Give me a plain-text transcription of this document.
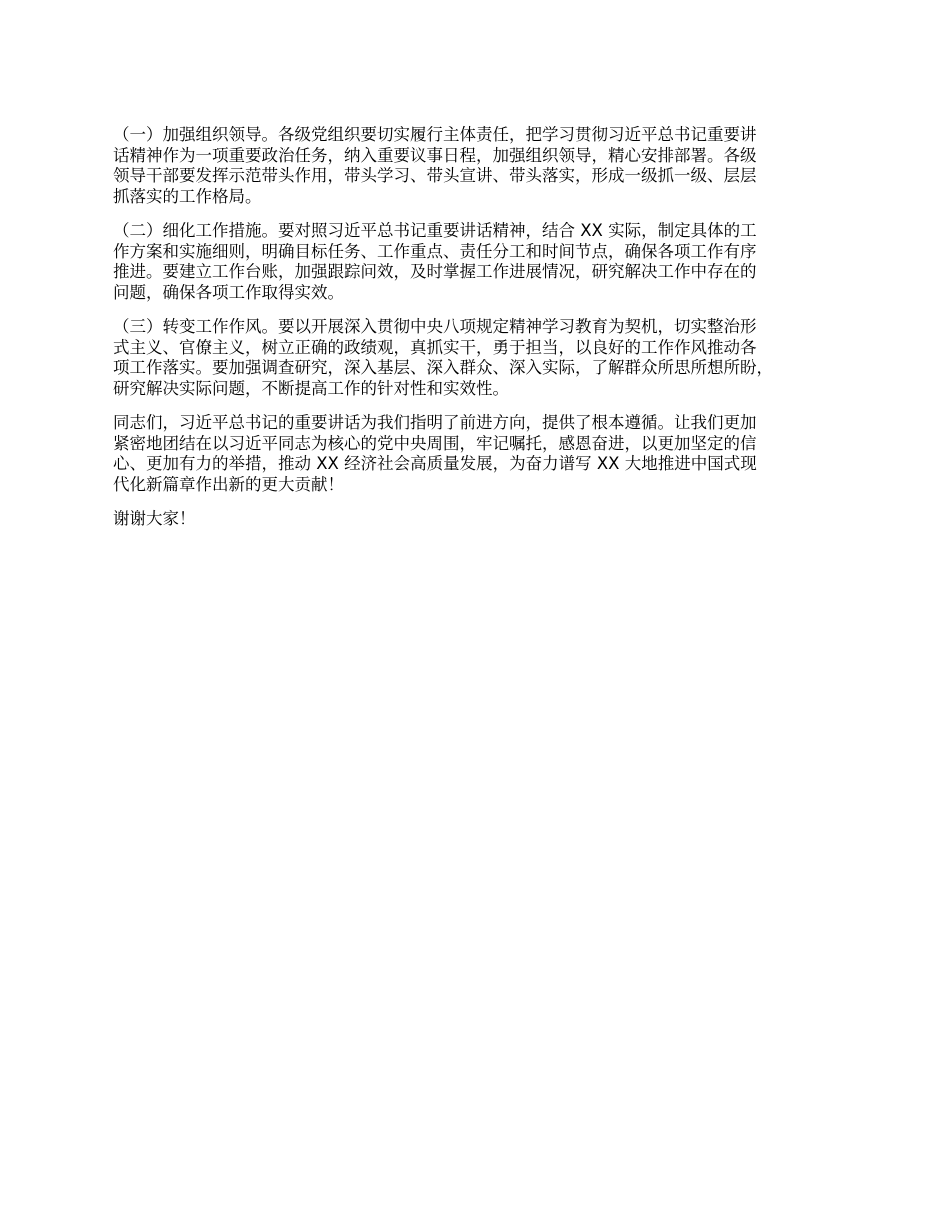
（一）加强组织领导。各级党组织要切实履行主体责任，把学习贯彻习近平总书记重要讲
话精神作为一项重要政治任务，纳入重要议事日程，加强组织领导，精心安排部署。各级
领导干部要发挥示范带头作用，带头学习、带头宣讲、带头落实，形成一级抓一级、层层
抓落实的工作格局。

（二）细化工作措施。要对照习近平总书记重要讲话精神，结合 XX 实际，制定具体的工
作方案和实施细则，明确目标任务、工作重点、责任分工和时间节点，确保各项工作有序
推进。要建立工作台账，加强跟踪问效，及时掌握工作进展情况，研究解决工作中存在的
问题，确保各项工作取得实效。

（三）转变工作作风。要以开展深入贯彻中央八项规定精神学习教育为契机，切实整治形
式主义、官僚主义，树立正确的政绩观，真抓实干，勇于担当，以良好的工作作风推动各
项工作落实。要加强调查研究，深入基层、深入群众、深入实际，了解群众所思所想所盼，
研究解决实际问题，不断提高工作的针对性和实效性。

同志们，习近平总书记的重要讲话为我们指明了前进方向，提供了根本遵循。让我们更加
紧密地团结在以习近平同志为核心的党中央周围，牢记嘱托，感恩奋进，以更加坚定的信
心、更加有力的举措，推动 XX 经济社会高质量发展，为奋力谱写 XX 大地推进中国式现
代化新篇章作出新的更大贡献！

谢谢大家！
